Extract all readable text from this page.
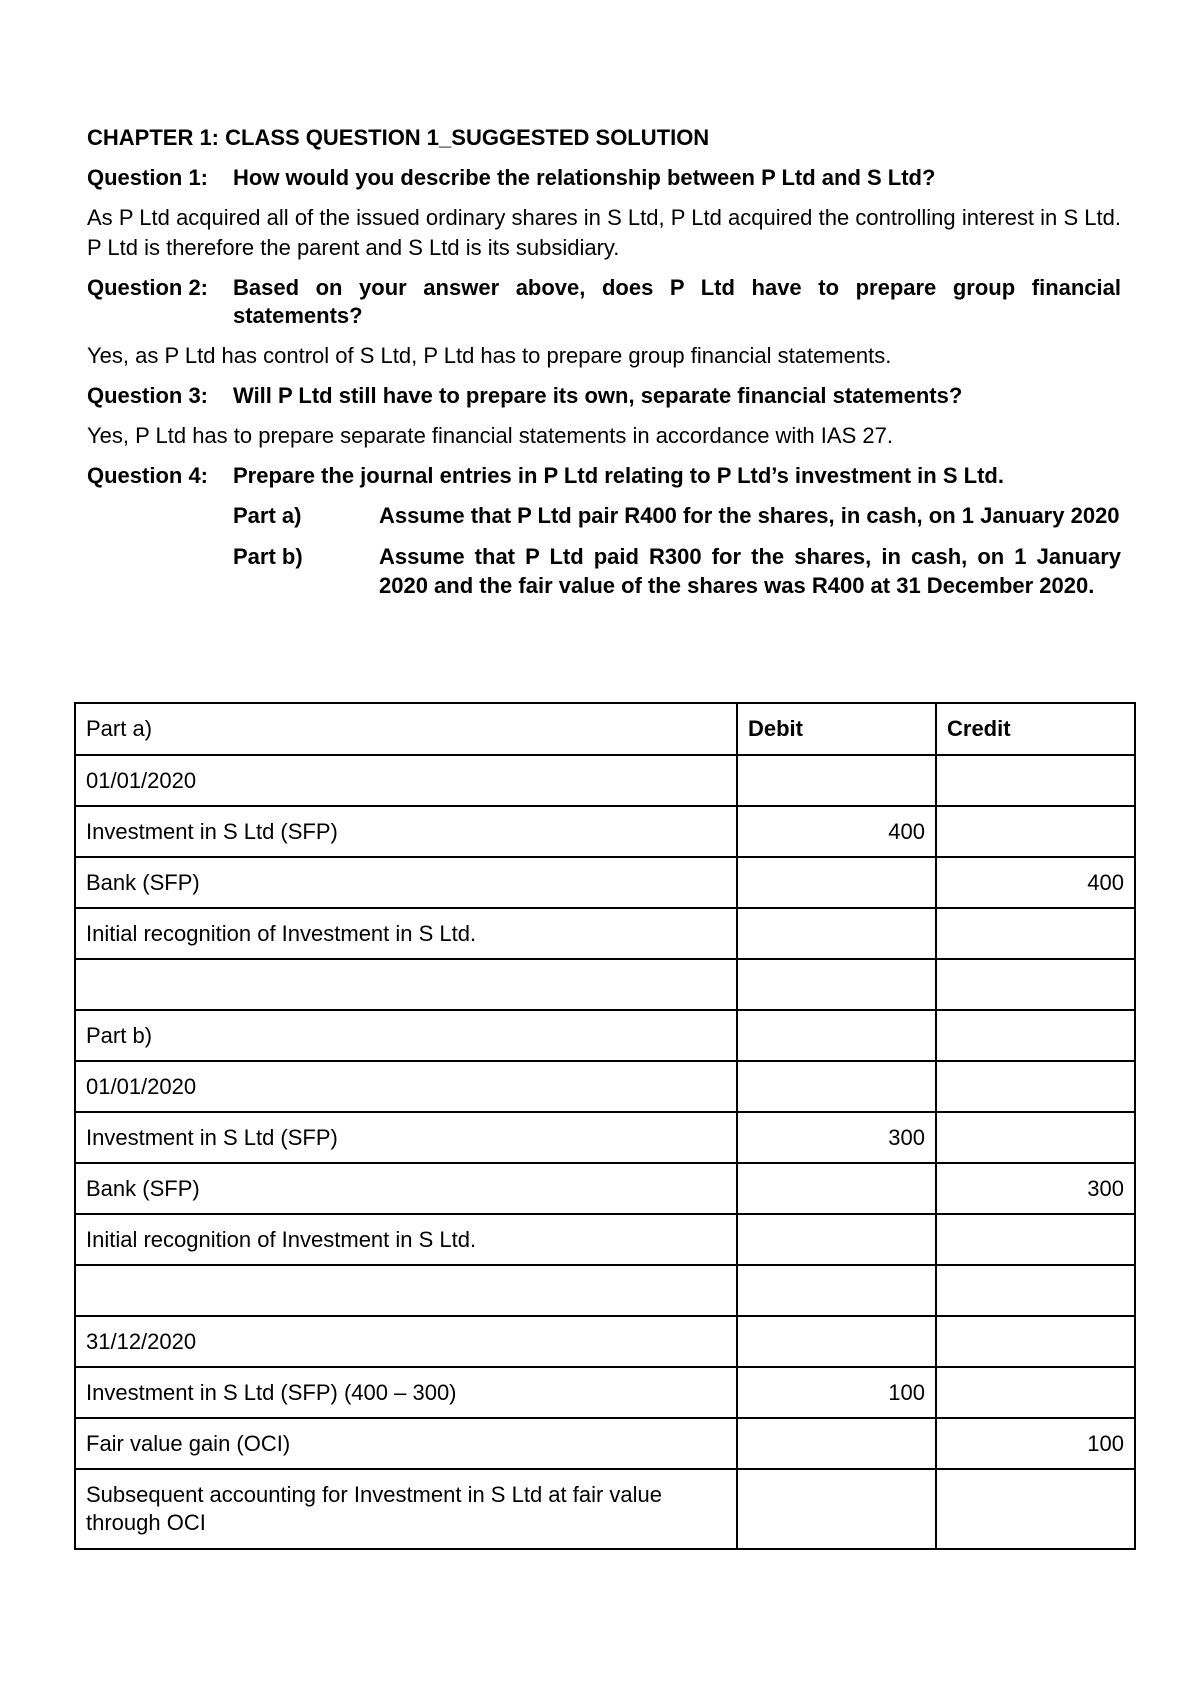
CHAPTER 1: CLASS QUESTION 1_SUGGESTED SOLUTION
Question 1:	How would you describe the relationship between P Ltd and S Ltd?
As P Ltd acquired all of the issued ordinary shares in S Ltd, P Ltd acquired the controlling interest in S Ltd. P Ltd is therefore the parent and S Ltd is its subsidiary.
Question 2:	Based on your answer above, does P Ltd have to prepare group financial statements?
Yes, as P Ltd has control of S Ltd, P Ltd has to prepare group financial statements.
Question 3:	Will P Ltd still have to prepare its own, separate financial statements?
Yes, P Ltd has to prepare separate financial statements in accordance with IAS 27.
Question 4:	Prepare the journal entries in P Ltd relating to P Ltd’s investment in S Ltd.
Part a)	Assume that P Ltd pair R400 for the shares, in cash, on 1 January 2020
Part b)	Assume that P Ltd paid R300 for the shares, in cash, on 1 January 2020 and the fair value of the shares was R400 at 31 December 2020.
Part a)	Debit	Credit
01/01/2020		
Investment in S Ltd (SFP)	400	
Bank (SFP)		400
Initial recognition of Investment in S Ltd.		

Part b)		
01/01/2020		
Investment in S Ltd (SFP)	300	
Bank (SFP)		300
Initial recognition of Investment in S Ltd.		

31/12/2020		
Investment in S Ltd (SFP) (400 – 300)	100	
Fair value gain (OCI)		100
Subsequent accounting for Investment in S Ltd at fair value through OCI		
